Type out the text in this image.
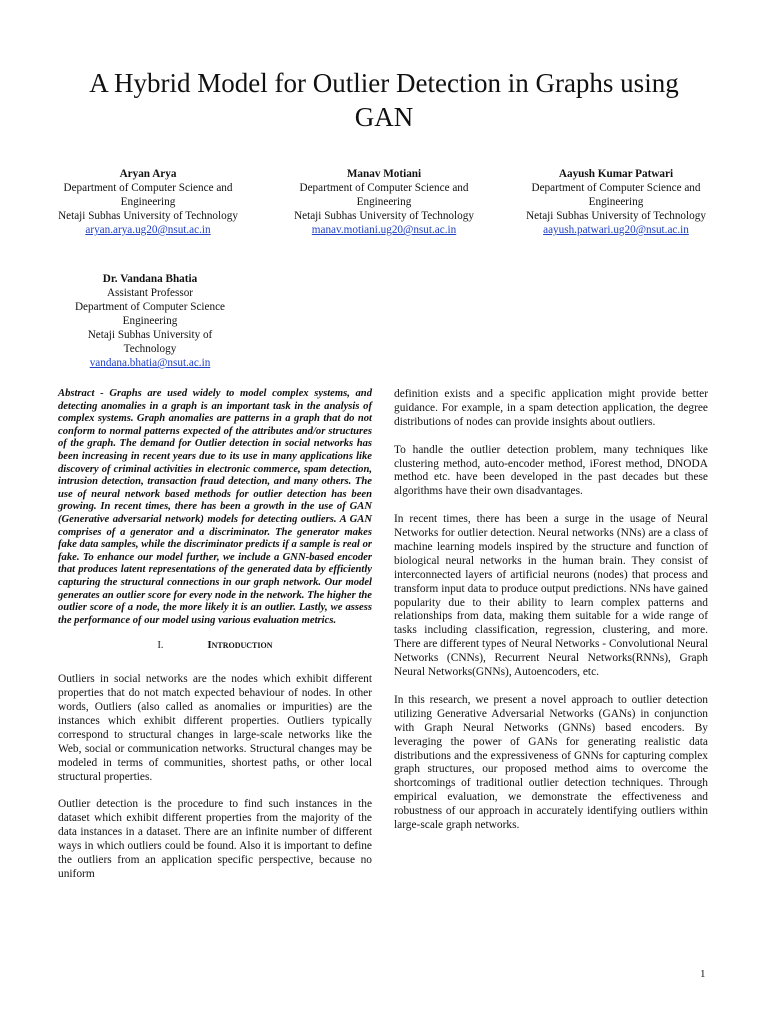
A Hybrid Model for Outlier Detection in Graphs using GAN
Aryan Arya
Department of Computer Science and Engineering
Netaji Subhas University of Technology
aryan.arya.ug20@nsut.ac.in
Manav Motiani
Department of Computer Science and Engineering
Netaji Subhas University of Technology
manav.motiani.ug20@nsut.ac.in
Aayush Kumar Patwari
Department of Computer Science and Engineering
Netaji Subhas University of Technology
aayush.patwari.ug20@nsut.ac.in
Dr. Vandana Bhatia
Assistant Professor
Department of Computer Science Engineering
Netaji Subhas University of Technology
vandana.bhatia@nsut.ac.in

Abstract - Graphs are used widely to model complex systems, and detecting anomalies in a graph is an important task in the analysis of complex systems. Graph anomalies are patterns in a graph that do not conform to normal patterns expected of the attributes and/or structures of the graph. The demand for Outlier detection in social networks has been increasing in recent years due to its use in many applications like discovery of criminal activities in electronic commerce, spam detection, intrusion detection, transaction fraud detection, and many others. The use of neural network based methods for outlier detection has been growing. In recent times, there has been a growth in the use of GAN (Generative adversarial network) models for detecting outliers. A GAN comprises of a generator and a discriminator. The generator makes fake data samples, while the discriminator predicts if a sample is real or fake. To enhance our model further, we include a GNN-based encoder that produces latent representations of the generated data by efficiently capturing the structural connections in our graph network. Our model generates an outlier score for every node in the network. The higher the outlier score of a node, the more likely it is an outlier. Lastly, we assess the performance of our model using various evaluation metrics.

I.	Introduction

Outliers in social networks are the nodes which exhibit different properties that do not match expected behaviour of nodes. In other words, Outliers (also called as anomalies or impurities) are the instances which exhibit different properties. Outliers typically correspond to structural changes in large-scale networks like the Web, social or communication networks. Structural changes may be modeled in terms of communities, shortest paths, or other local structural properties.

Outlier detection is the procedure to find such instances in the dataset which exhibit different properties from the majority of the data instances in a dataset. There are an infinite number of different ways in which outliers could be found. Also it is important to define the outliers from an application specific perspective, because no uniform

definition exists and a specific application might provide better guidance. For example, in a spam detection application, the degree distributions of nodes can provide insights about outliers.

To handle the outlier detection problem, many techniques like clustering method, auto-encoder method, iForest method, DNODA method etc. have been developed in the past decades but these algorithms have their own disadvantages.

In recent times, there has been a surge in the usage of Neural Networks for outlier detection. Neural networks (NNs) are a class of machine learning models inspired by the structure and function of biological neural networks in the human brain. They consist of interconnected layers of artificial neurons (nodes) that process and transform input data to produce output predictions. NNs have gained popularity due to their ability to learn complex patterns and relationships from data, making them suitable for a wide range of tasks including classification, regression, clustering, and more. There are different types of Neural Networks - Convolutional Neural Networks (CNNs), Recurrent Neural Networks(RNNs), Graph Neural Networks(GNNs), Autoencoders, etc.

In this research, we present a novel approach to outlier detection utilizing Generative Adversarial Networks (GANs) in conjunction with Graph Neural Networks (GNNs) based encoders. By leveraging the power of GANs for generating realistic data distributions and the expressiveness of GNNs for capturing complex graph structures, our proposed method aims to overcome the shortcomings of traditional outlier detection techniques. Through empirical evaluation, we demonstrate the effectiveness and robustness of our approach in accurately identifying outliers within large-scale graph networks.

1
